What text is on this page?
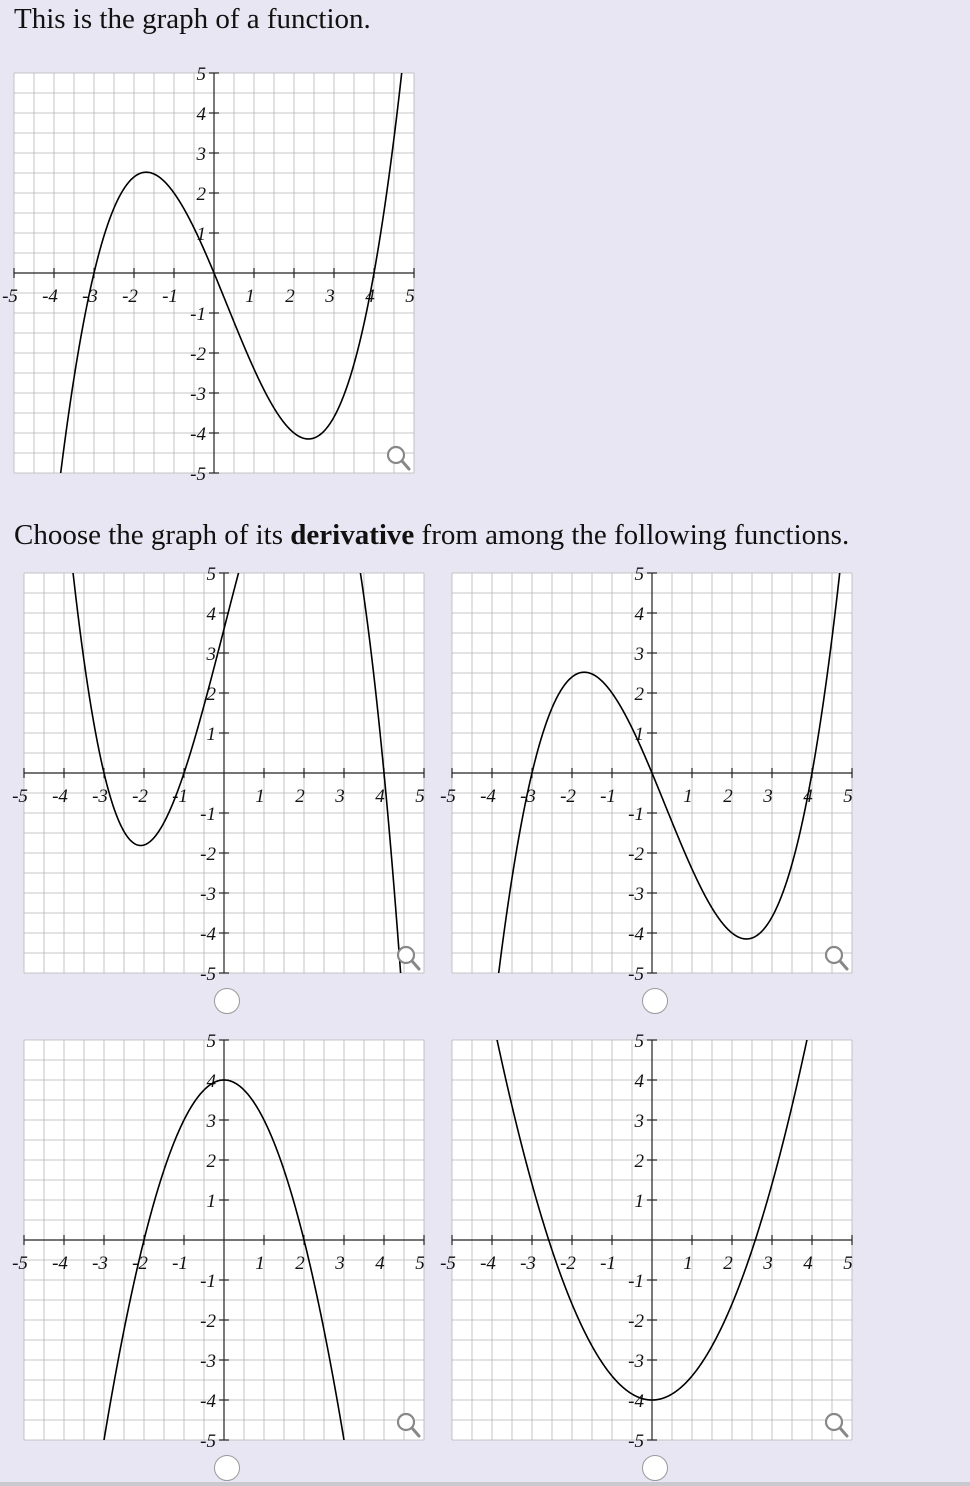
This is the graph of a function.
Choose the graph of its derivative from among the following functions.
-5 -4 -3 -2 -1	1 2 3 4 5
5
4
3
2
1
-1
-2
-3
-4
-5
-5 -4 -3 -2 -1	1 2 3 4 5
5
4
3
2
1
-1
-2
-3
-4
-5
-5 -4 -3 -2 -1	1 2 3 4 5
5
4
3
2
1
-1
-2
-3
-4
-5
-5 -4 -3 -2 -1	1 2 3 4 5
5
4
3
2
1
-1
-2
-3
-4
-5
-5 -4 -3 -2 -1	1 2 3 4 5
5
4
3
2
1
-1
-2
-3
-4
-5
